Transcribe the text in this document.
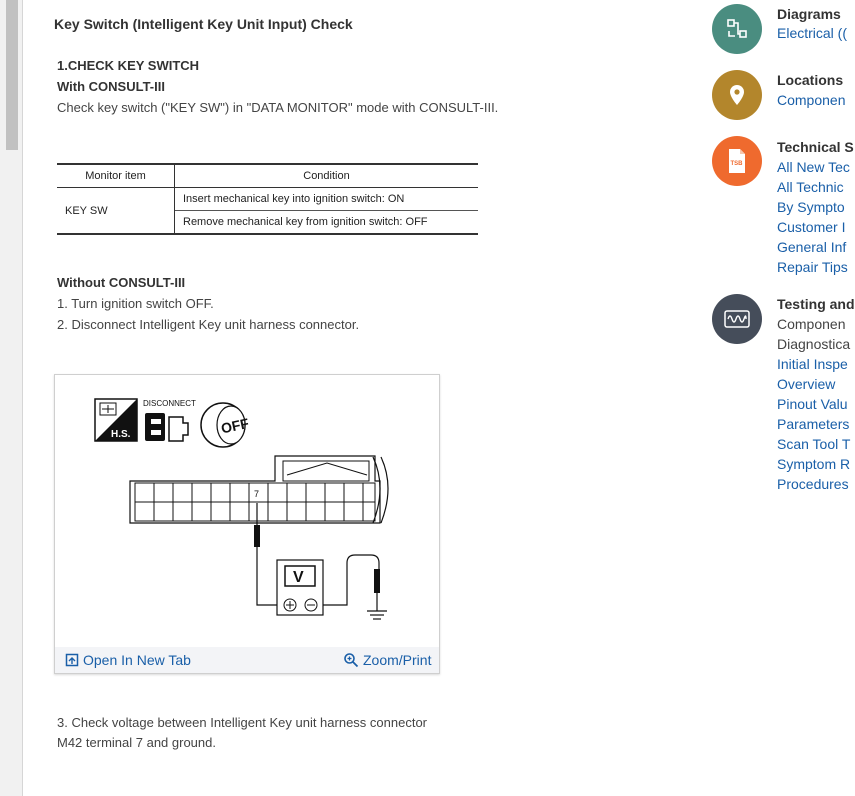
Key Switch (Intelligent Key Unit Input) Check
1.CHECK KEY SWITCH
With CONSULT-III
Check key switch ("KEY SW") in "DATA MONITOR" mode with CONSULT-III.
Monitor item	Condition
KEY SW	Insert mechanical key into ignition switch: ON
	Remove mechanical key from ignition switch: OFF
Without CONSULT-III
1. Turn ignition switch OFF.
2. Disconnect Intelligent Key unit harness connector.
H.S.
DISCONNECT
OFF
7
V
Open In New Tab	Zoom/Print
3. Check voltage between Intelligent Key unit harness connector
M42 terminal 7 and ground.
Diagrams
Electrical ((
Locations
Componen
TSB
Technical S
All New Tec
All Technic
By Sympto
Customer I
General Inf
Repair Tips
Testing and
Componen
Diagnostica
Initial Inspe
Overview
Pinout Valu
Parameters
Scan Tool T
Symptom R
Procedures
